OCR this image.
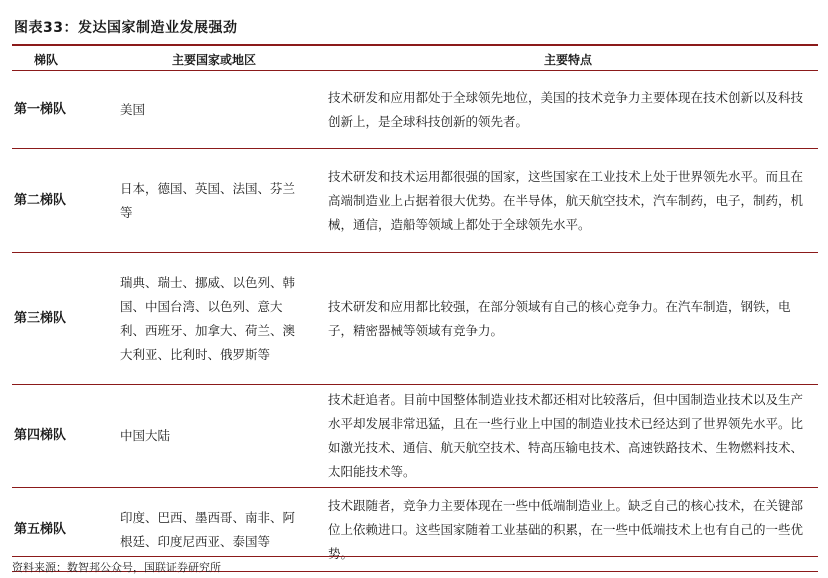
图表33：发达国家制造业发展强劲
梯队	主要国家或地区	主要特点
第一梯队	美国	技术研发和应用都处于全球领先地位，美国的技术竞争力主要体现在技术创新以及科技创新上，是全球科技创新的领先者。
第二梯队	日本，德国、英国、法国、芬兰等	技术研发和技术运用都很强的国家，这些国家在工业技术上处于世界领先水平。而且在高端制造业上占据着很大优势。在半导体，航天航空技术，汽车制药，电子，制药，机械，通信，造船等领域上都处于全球领先水平。
第三梯队	瑞典、瑞士、挪威、以色列、韩国、中国台湾、以色列、意大利、西班牙、加拿大、荷兰、澳大利亚、比利时、俄罗斯等	技术研发和应用都比较强，在部分领域有自己的核心竞争力。在汽车制造，钢铁，电子，精密器械等领域有竞争力。
第四梯队	中国大陆	技术赶追者。目前中国整体制造业技术都还相对比较落后，但中国制造业技术以及生产水平却发展非常迅猛，且在一些行业上中国的制造业技术已经达到了世界领先水平。比如激光技术、通信、航天航空技术、特高压输电技术、高速铁路技术、生物燃料技术、太阳能技术等。
第五梯队	印度、巴西、墨西哥、南非、阿根廷、印度尼西亚、泰国等	技术跟随者，竞争力主要体现在一些中低端制造业上。缺乏自己的核心技术，在关键部位上依赖进口。这些国家随着工业基础的积累，在一些中低端技术上也有自己的一些优势。
资料来源：数智邦公众号，国联证券研究所
